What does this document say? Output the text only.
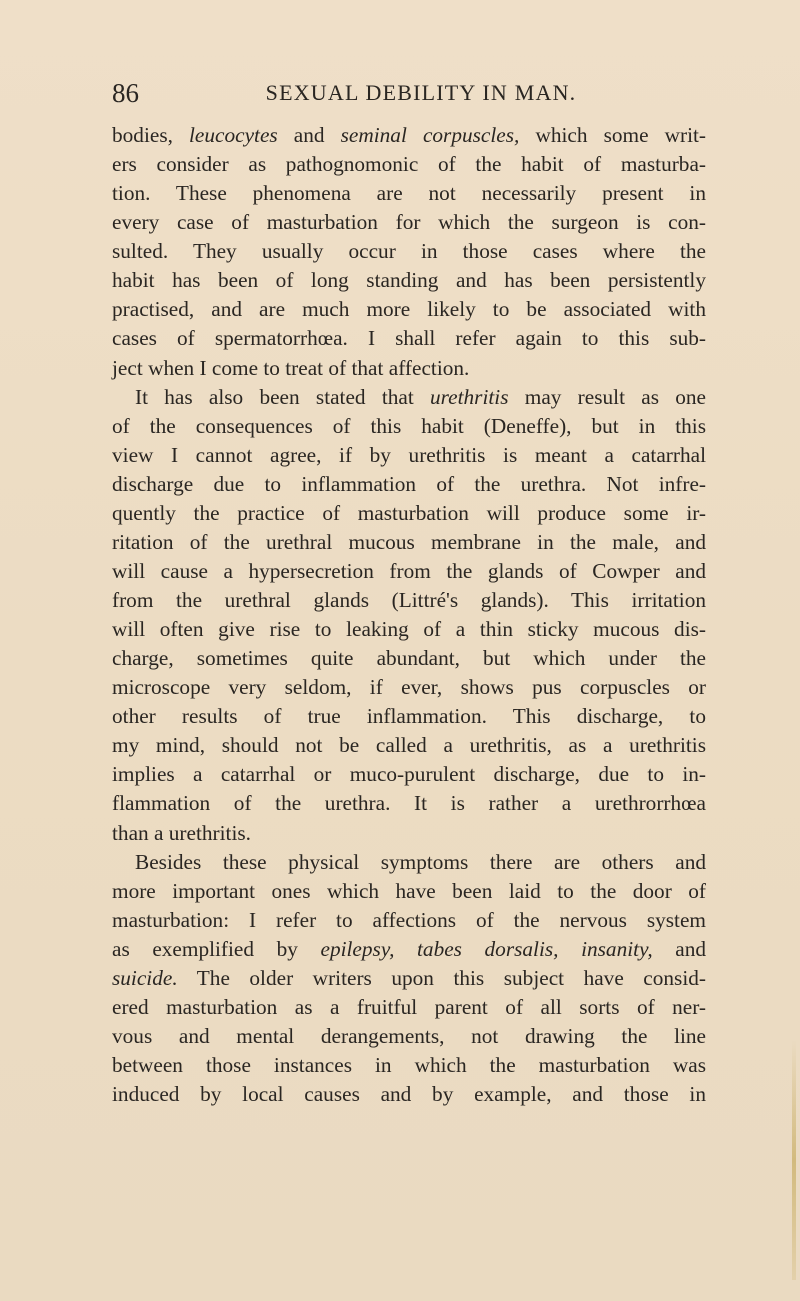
86	SEXUAL DEBILITY IN MAN.
bodies, leucocytes and seminal corpuscles, which some writ-
ers consider as pathognomonic of the habit of masturba-
tion. These phenomena are not necessarily present in
every case of masturbation for which the surgeon is con-
sulted. They usually occur in those cases where the
habit has been of long standing and has been persistently
practised, and are much more likely to be associated with
cases of spermatorrhœa. I shall refer again to this sub-
ject when I come to treat of that affection.
It has also been stated that urethritis may result as one
of the consequences of this habit (Deneffe), but in this
view I cannot agree, if by urethritis is meant a catarrhal
discharge due to inflammation of the urethra. Not infre-
quently the practice of masturbation will produce some ir-
ritation of the urethral mucous membrane in the male, and
will cause a hypersecretion from the glands of Cowper and
from the urethral glands (Littré's glands). This irritation
will often give rise to leaking of a thin sticky mucous dis-
charge, sometimes quite abundant, but which under the
microscope very seldom, if ever, shows pus corpuscles or
other results of true inflammation. This discharge, to
my mind, should not be called a urethritis, as a urethritis
implies a catarrhal or muco-purulent discharge, due to in-
flammation of the urethra. It is rather a urethrorrhœa
than a urethritis.
Besides these physical symptoms there are others and
more important ones which have been laid to the door of
masturbation: I refer to affections of the nervous system
as exemplified by epilepsy, tabes dorsalis, insanity, and
suicide. The older writers upon this subject have consid-
ered masturbation as a fruitful parent of all sorts of ner-
vous and mental derangements, not drawing the line
between those instances in which the masturbation was
induced by local causes and by example, and those in
